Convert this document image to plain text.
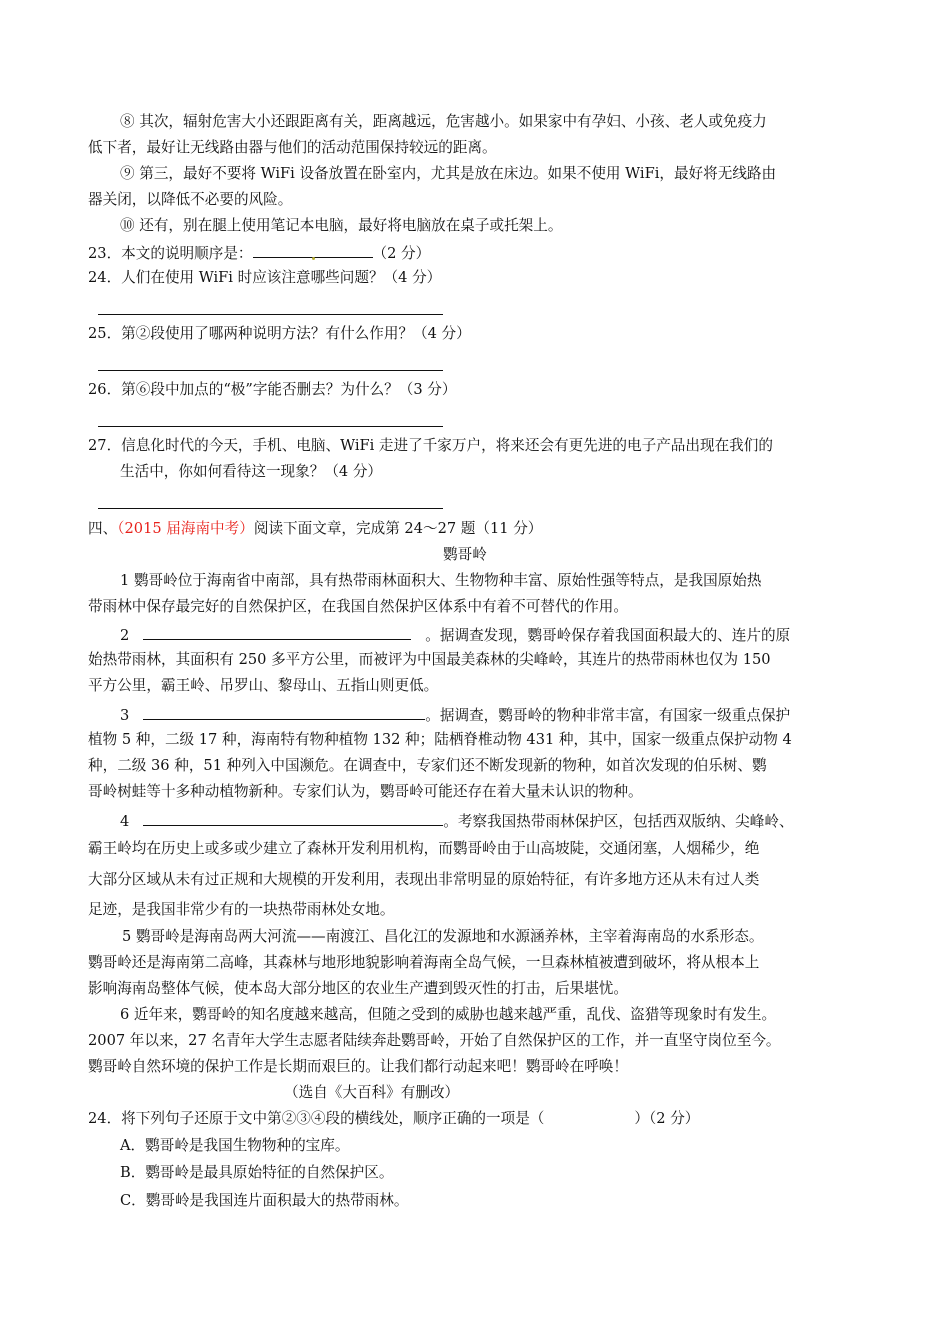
⑧ 其次，辐射危害大小还跟距离有关，距离越远，危害越小。如果家中有孕妇、小孩、老人或免疫力
低下者，最好让无线路由器与他们的活动范围保持较远的距离。
⑨ 第三，最好不要将 WiFi 设备放置在卧室内，尤其是放在床边。如果不使用 WiFi，最好将无线路由
器关闭，以降低不必要的风险。
⑩ 还有，别在腿上使用笔记本电脑，最好将电脑放在桌子或托架上。
23．本文的说明顺序是：	（2 分）
24．人们在使用 WiFi 时应该注意哪些问题？（4 分）
25．第②段使用了哪两种说明方法？有什么作用？（4 分）
26．第⑥段中加点的“极”字能否删去？为什么？（3 分）
27．信息化时代的今天，手机、电脑、WiFi 走进了千家万户，将来还会有更先进的电子产品出现在我们的
生活中，你如何看待这一现象？（4 分）
四、（2015 届海南中考）阅读下面文章，完成第 24～27 题（11 分）
鹦哥岭
1 鹦哥岭位于海南省中南部，具有热带雨林面积大、生物物种丰富、原始性强等特点，是我国原始热
带雨林中保存最完好的自然保护区，在我国自然保护区体系中有着不可替代的作用。
2	。据调查发现，鹦哥岭保存着我国面积最大的、连片的原
始热带雨林，其面积有 250 多平方公里，而被评为中国最美森林的尖峰岭，其连片的热带雨林也仅为 150
平方公里，霸王岭、吊罗山、黎母山、五指山则更低。
3	。据调查，鹦哥岭的物种非常丰富，有国家一级重点保护
植物 5 种，二级 17 种，海南特有物种植物 132 种；陆栖脊椎动物 431 种，其中，国家一级重点保护动物 4
种，二级 36 种，51 种列入中国濒危。在调查中，专家们还不断发现新的物种，如首次发现的伯乐树、鹦
哥岭树蛙等十多种动植物新种。专家们认为，鹦哥岭可能还存在着大量未认识的物种。
4	。考察我国热带雨林保护区，包括西双版纳、尖峰岭、
霸王岭均在历史上或多或少建立了森林开发利用机构，而鹦哥岭由于山高坡陡，交通闭塞，人烟稀少，绝
大部分区域从未有过正规和大规模的开发利用，表现出非常明显的原始特征，有许多地方还从未有过人类
足迹，是我国非常少有的一块热带雨林处女地。
5 鹦哥岭是海南岛两大河流——南渡江、昌化江的发源地和水源涵养林，主宰着海南岛的水系形态。
鹦哥岭还是海南第二高峰，其森林与地形地貌影响着海南全岛气候，一旦森林植被遭到破坏，将从根本上
影响海南岛整体气候，使本岛大部分地区的农业生产遭到毁灭性的打击，后果堪忧。
6 近年来，鹦哥岭的知名度越来越高，但随之受到的威胁也越来越严重，乱伐、盗猎等现象时有发生。
2007 年以来，27 名青年大学生志愿者陆续奔赴鹦哥岭，开始了自然保护区的工作，并一直坚守岗位至今。
鹦哥岭自然环境的保护工作是长期而艰巨的。让我们都行动起来吧！鹦哥岭在呼唤！
（选自《大百科》有删改）
24．将下列句子还原于文中第②③④段的横线处，顺序正确的一项是（	）（2 分）
A．鹦哥岭是我国生物物种的宝库。
B．鹦哥岭是最具原始特征的自然保护区。
C．鹦哥岭是我国连片面积最大的热带雨林。
